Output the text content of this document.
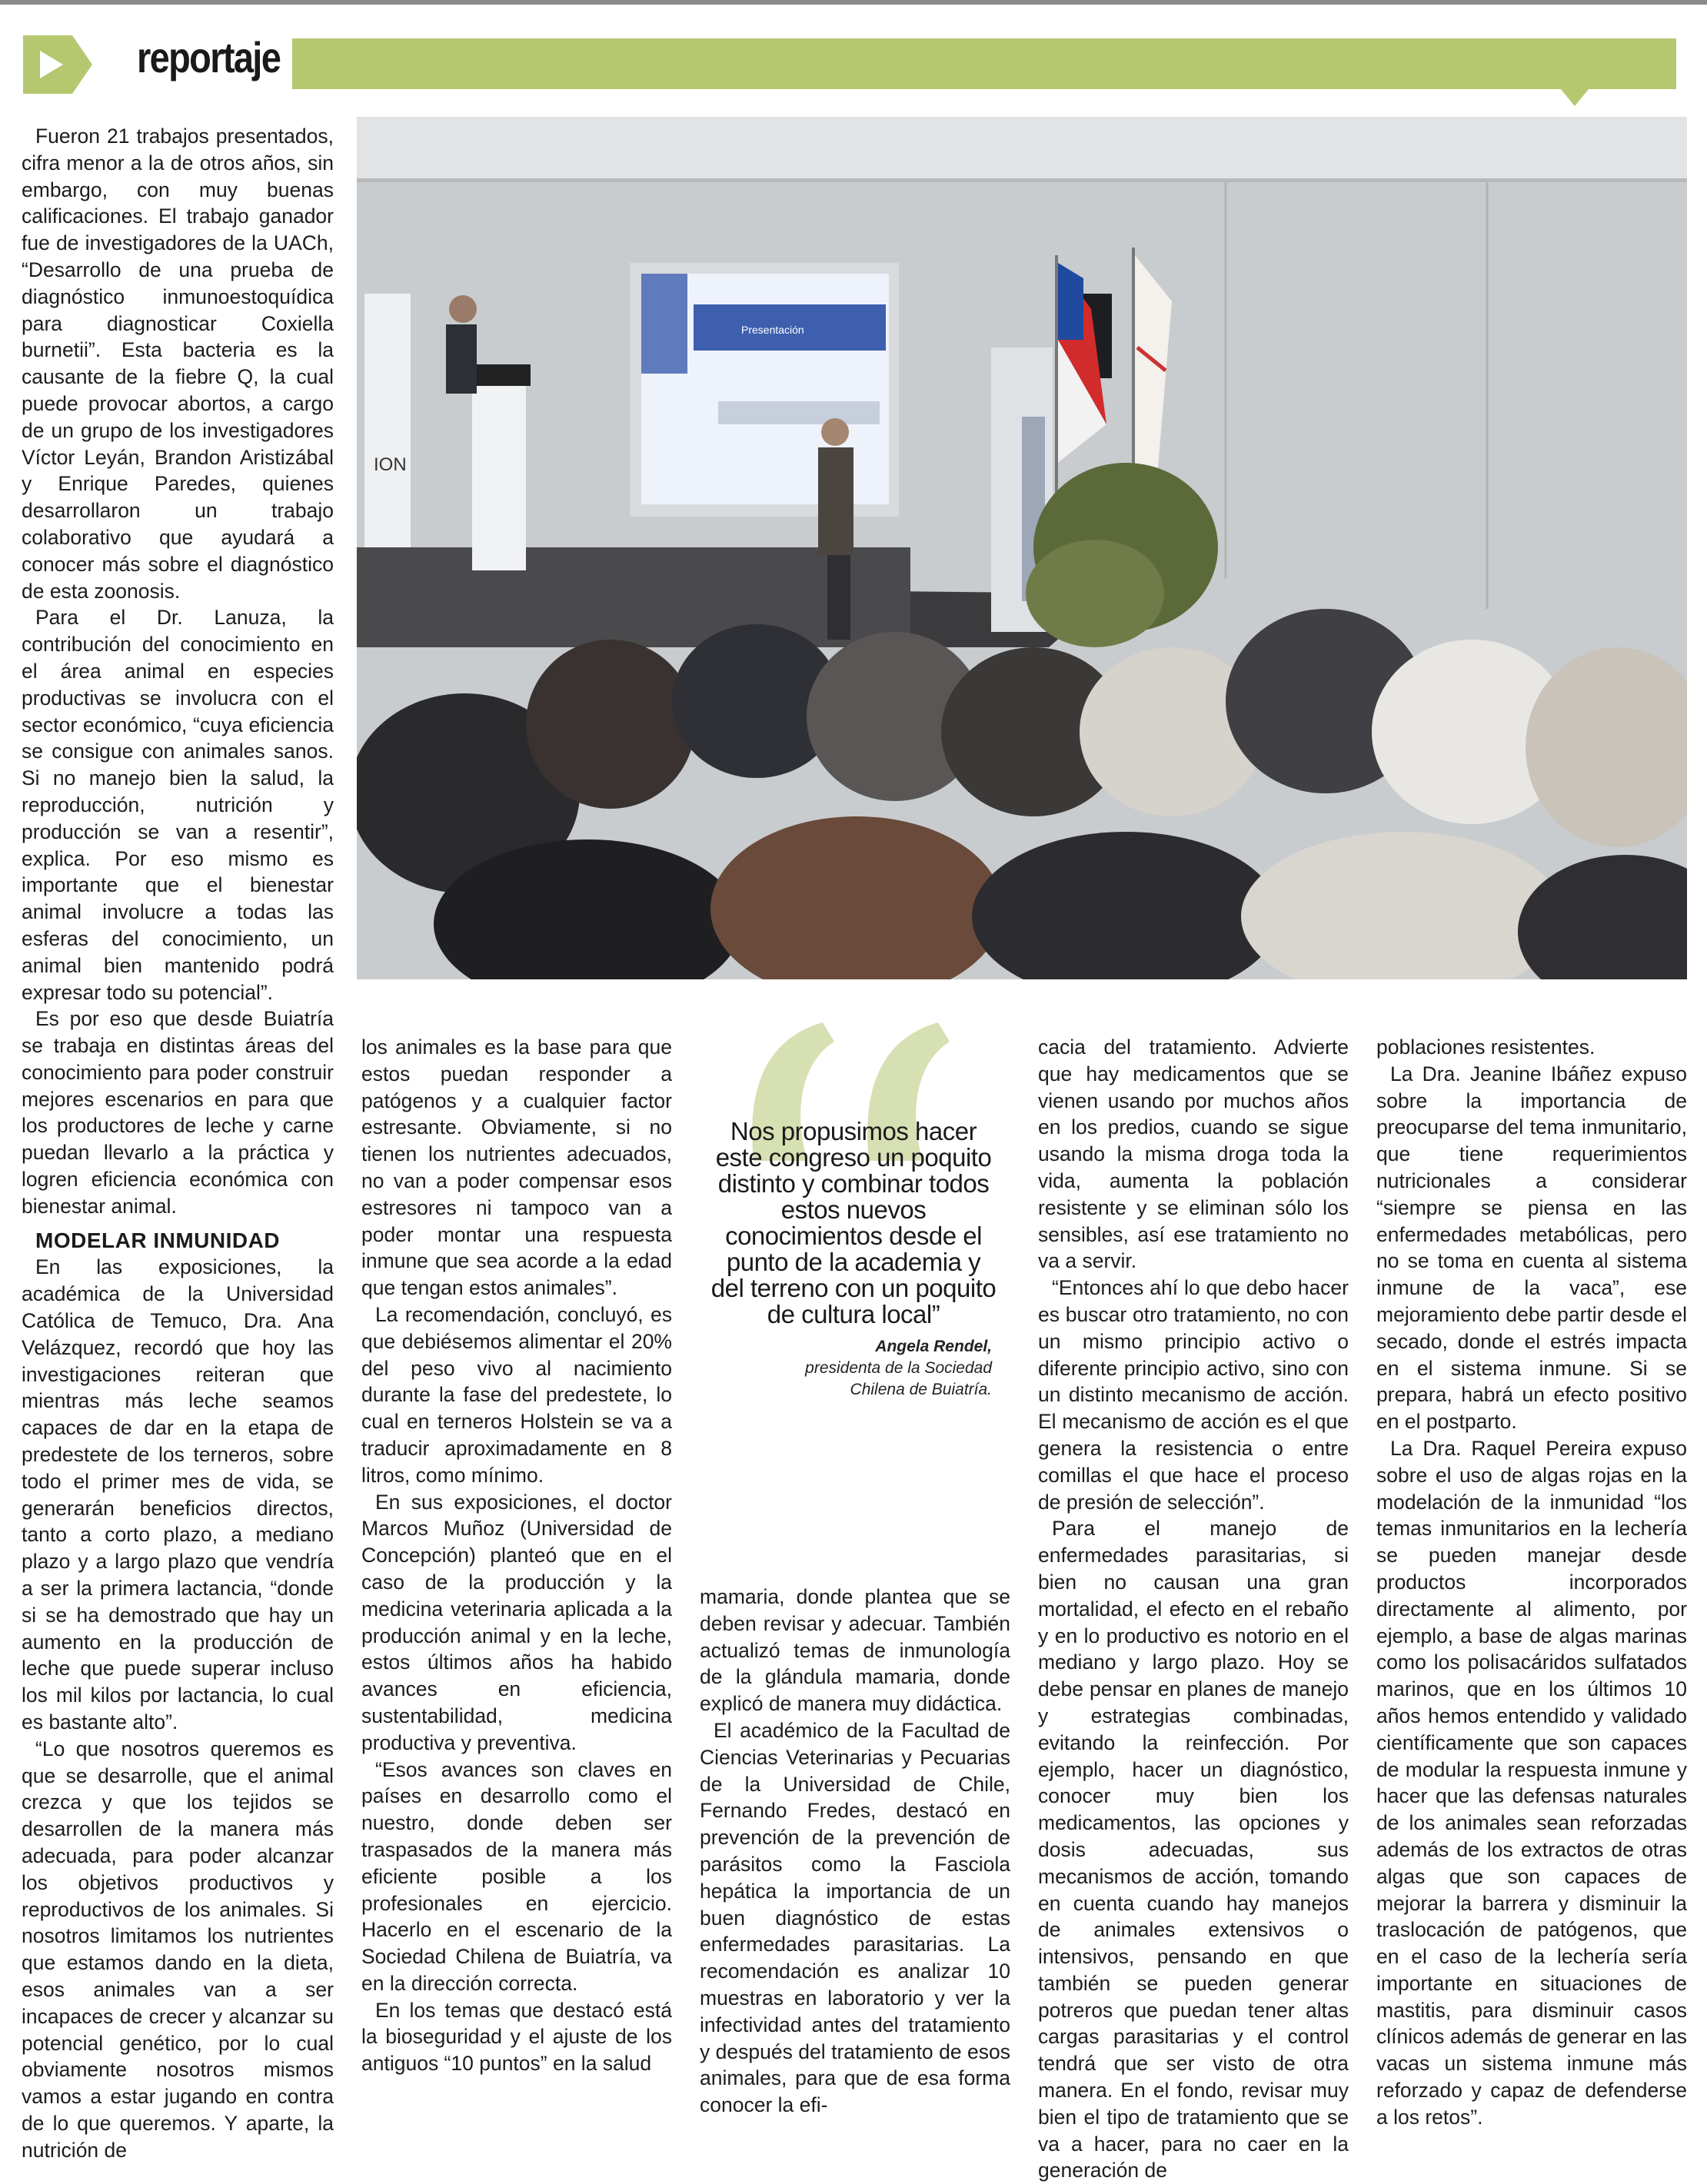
reportaje

Fueron 21 trabajos presentados, cifra menor a la de otros años, sin embargo, con muy buenas calificaciones. El trabajo ganador fue de investigadores de la UACh, “Desarrollo de una prueba de diagnóstico inmunoestoquídica para diagnosticar Coxiella burnetii”. Esta bacteria es la causante de la fiebre Q, la cual puede provocar abortos, a cargo de un grupo de los investigadores Víctor Leyán, Brandon Aristizábal y Enrique Paredes, quienes desarrollaron un trabajo colaborativo que ayudará a conocer más sobre el diagnóstico de esta zoonosis.

Para el Dr. Lanuza, la contribución del conocimiento en el área animal en especies productivas se involucra con el sector económico, “cuya eficiencia se consigue con animales sanos. Si no manejo bien la salud, la reproducción, nutrición y producción se van a resentir”, explica. Por eso mismo es importante que el bienestar animal involucre a todas las esferas del conocimiento, un animal bien mantenido podrá expresar todo su potencial”.

Es por eso que desde Buiatría se trabaja en distintas áreas del conocimiento para poder construir mejores escenarios en para que los productores de leche y carne puedan llevarlo a la práctica y logren eficiencia económica con bienestar animal.

MODELAR INMUNIDAD

En las exposiciones, la académica de la Universidad Católica de Temuco, Dra. Ana Velázquez, recordó que hoy las investigaciones reiteran que mientras más leche seamos capaces de dar en la etapa de predestete de los terneros, sobre todo el primer mes de vida, se generarán beneficios directos, tanto a corto plazo, a mediano plazo y a largo plazo que vendría a ser la primera lactancia, “donde si se ha demostrado que hay un aumento en la producción de leche que puede superar incluso los mil kilos por lactancia, lo cual es bastante alto”.

“Lo que nosotros queremos es que se desarrolle, que el animal crezca y que los tejidos se desarrollen de la manera más adecuada, para poder alcanzar los objetivos productivos y reproductivos de los animales. Si nosotros limitamos los nutrientes que estamos dando en la dieta, esos animales van a ser incapaces de crecer y alcanzar su potencial genético, por lo cual obviamente nosotros mismos vamos a estar jugando en contra de lo que queremos. Y aparte, la nutrición de

ION
Presentación

los animales es la base para que estos puedan responder a patógenos y a cualquier factor estresante. Obviamente, si no tienen los nutrientes adecuados, no van a poder compensar esos estresores ni tampoco van a poder montar una respuesta inmune que sea acorde a la edad que tengan estos animales”.

La recomendación, concluyó, es que debiésemos alimentar el 20% del peso vivo al nacimiento durante la fase del predestete, lo cual en terneros Holstein se va a traducir aproximadamente en 8 litros, como mínimo.

En sus exposiciones, el doctor Marcos Muñoz (Universidad de Concepción) planteó que en el caso de la producción y la medicina veterinaria aplicada a la producción animal y en la leche, estos últimos años ha habido avances en eficiencia, sustentabilidad, medicina productiva y preventiva.

“Esos avances son claves en países en desarrollo como el nuestro, donde deben ser traspasados de la manera más eficiente posible a los profesionales en ejercicio. Hacerlo en el escenario de la Sociedad Chilena de Buiatría, va en la dirección correcta.

En los temas que destacó está la bioseguridad y el ajuste de los antiguos “10 puntos” en la salud

Nos propusimos hacer este congreso un poquito distinto y combinar todos estos nuevos conocimientos desde el punto de la academia y del terreno con un poquito de cultura local”
Angela Rendel,
presidenta de la Sociedad Chilena de Buiatría.

mamaria, donde plantea que se deben revisar y adecuar. También actualizó temas de inmunología de la glándula mamaria, donde explicó de manera muy didáctica.

El académico de la Facultad de Ciencias Veterinarias y Pecuarias de la Universidad de Chile, Fernando Fredes, destacó en prevención de la prevención de parásitos como la Fasciola hepática la importancia de un buen diagnóstico de estas enfermedades parasitarias. La recomendación es analizar 10 muestras en laboratorio y ver la infectividad antes del tratamiento y después del tratamiento de esos animales, para que de esa forma conocer la efi-

cacia del tratamiento. Advierte que hay medicamentos que se vienen usando por muchos años en los predios, cuando se sigue usando la misma droga toda la vida, aumenta la población resistente y se eliminan sólo los sensibles, así ese tratamiento no va a servir.

“Entonces ahí lo que debo hacer es buscar otro tratamiento, no con un mismo principio activo o diferente principio activo, sino con un distinto mecanismo de acción. El mecanismo de acción es el que genera la resistencia o entre comillas el que hace el proceso de presión de selección”.

Para el manejo de enfermedades parasitarias, si bien no causan una gran mortalidad, el efecto en el rebaño y en lo productivo es notorio en el mediano y largo plazo. Hoy se debe pensar en planes de manejo y estrategias combinadas, evitando la reinfección. Por ejemplo, hacer un diagnóstico, conocer muy bien los medicamentos, las opciones y dosis adecuadas, sus mecanismos de acción, tomando en cuenta cuando hay manejos de animales extensivos o intensivos, pensando en que también se pueden generar potreros que puedan tener altas cargas parasitarias y el control tendrá que ser visto de otra manera. En el fondo, revisar muy bien el tipo de tratamiento que se va a hacer, para no caer en la generación de

poblaciones resistentes.

La Dra. Jeanine Ibáñez expuso sobre la importancia de preocuparse del tema inmunitario, que tiene requerimientos nutricionales a considerar “siempre se piensa en las enfermedades metabólicas, pero no se toma en cuenta al sistema inmune de la vaca”, ese mejoramiento debe partir desde el secado, donde el estrés impacta en el sistema inmune. Si se prepara, habrá un efecto positivo en el postparto.

La Dra. Raquel Pereira expuso sobre el uso de algas rojas en la modelación de la inmunidad “los temas inmunitarios en la lechería se pueden manejar desde productos incorporados directamente al alimento, por ejemplo, a base de algas marinas como los polisacáridos sulfatados marinos, que en los últimos 10 años hemos entendido y validado científicamente que son capaces de modular la respuesta inmune y hacer que las defensas naturales de los animales sean reforzadas además de los extractos de otras algas que son capaces de mejorar la barrera y disminuir la traslocación de patógenos, que en el caso de la lechería sería importante en situaciones de mastitis, para disminuir casos clínicos además de generar en las vacas un sistema inmune más reforzado y capaz de defenderse a los retos”.
